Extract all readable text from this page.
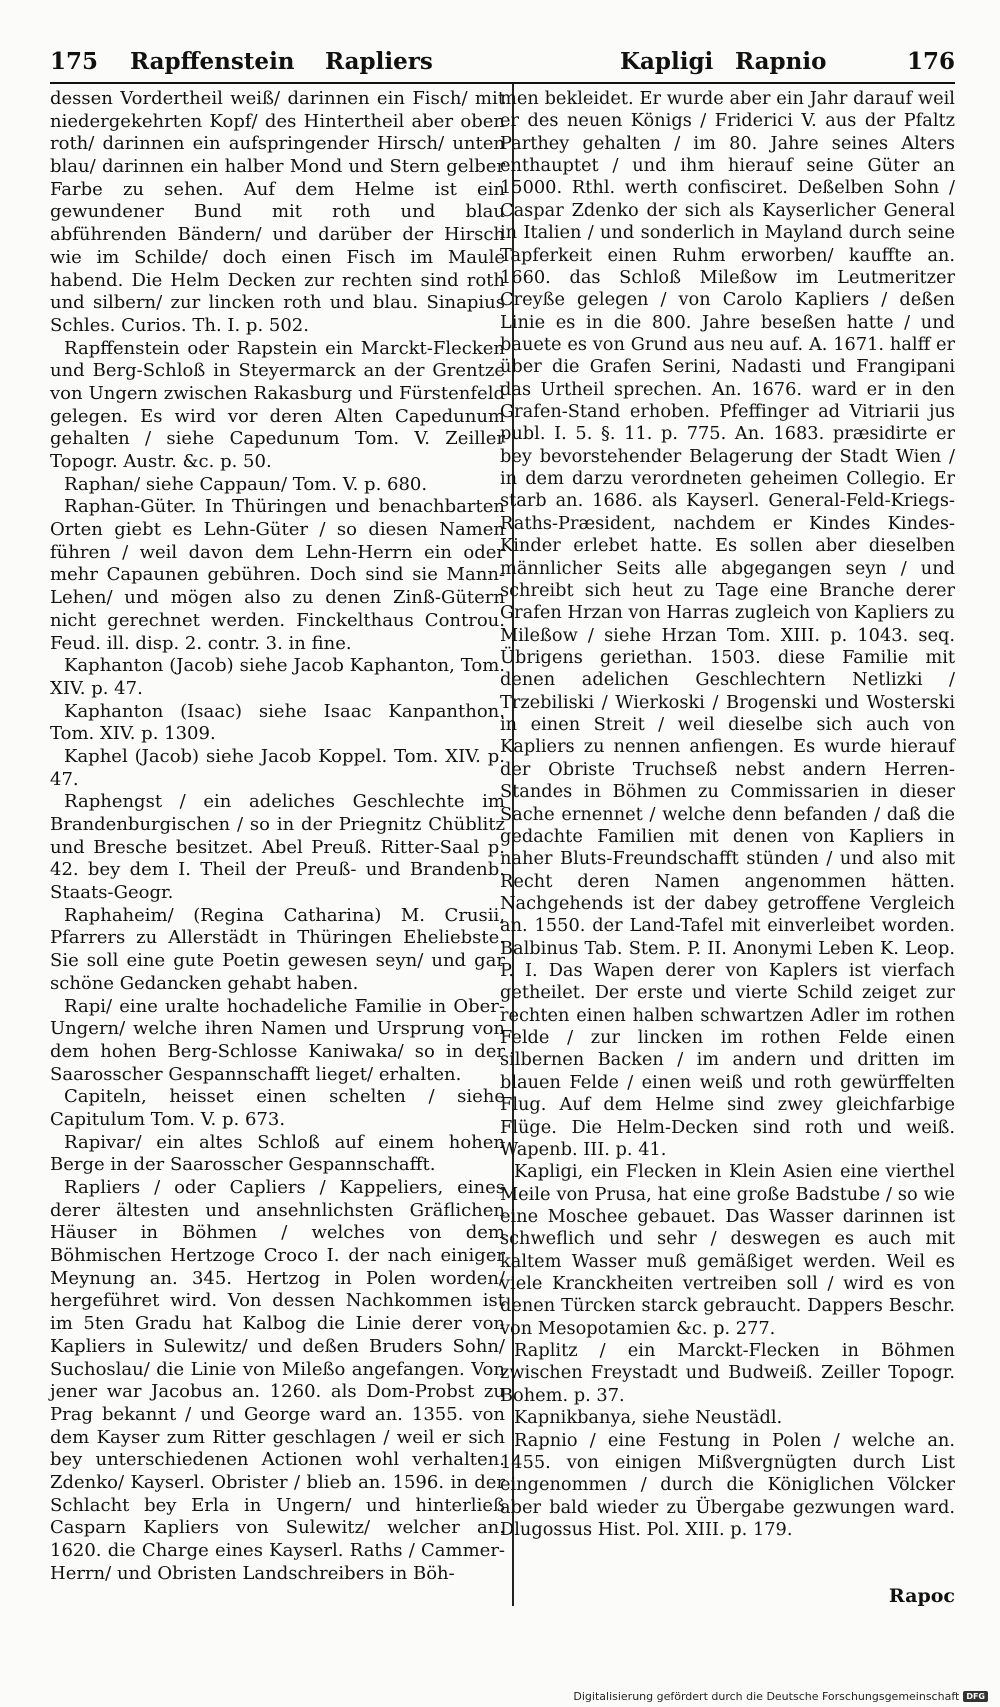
175 Rapffenstein Rapliers	Kapligi Rapnio	176

dessen Vordertheil weiß/ darinnen ein Fisch/ mit niedergekehrten Kopf/ des Hintertheil aber oben roth/ darinnen ein aufspringender Hirsch/ unten blau/ darinnen ein halber Mond und Stern gelber Farbe zu sehen. Auf dem Helme ist ein gewundener Bund mit roth und blau abführenden Bändern/ und darüber der Hirsch wie im Schilde/ doch einen Fisch im Maule habend. Die Helm Decken zur rechten sind roth und silbern/ zur lincken roth und blau. Sinapius Schles. Curios. Th. I. p. 502.

Rapffenstein oder Rapstein ein Marckt-Flecken und Berg-Schloß in Steyermarck an der Grentze von Ungern zwischen Rakasburg und Fürstenfeld gelegen. Es wird vor deren Alten Capedunum gehalten / siehe Capedunum Tom. V. Zeiller Topogr. Austr. &c. p. 50.

Raphan/ siehe Cappaun/ Tom. V. p. 680.

Raphan-Güter. In Thüringen und benachbarten Orten giebt es Lehn-Güter / so diesen Namen führen / weil davon dem Lehn-Herrn ein oder mehr Capaunen gebühren. Doch sind sie Mann-Lehen/ und mögen also zu denen Zinß-Gütern nicht gerechnet werden. Finckelthaus Controu. Feud. ill. disp. 2. contr. 3. in fine.

Kaphanton (Jacob) siehe Jacob Kaphanton, Tom. XIV. p. 47.

Kaphanton (Isaac) siehe Isaac Kanpanthon. Tom. XIV. p. 1309.

Kaphel (Jacob) siehe Jacob Koppel. Tom. XIV. p. 47.

Raphengst / ein adeliches Geschlechte im Brandenburgischen / so in der Priegnitz Chüblitz und Bresche besitzet. Abel Preuß. Ritter-Saal p. 42. bey dem I. Theil der Preuß- und Brandenb. Staats-Geogr.

Raphaheim/ (Regina Catharina) M. Crusii, Pfarrers zu Allerstädt in Thüringen Eheliebste. Sie soll eine gute Poetin gewesen seyn/ und gar schöne Gedancken gehabt haben.

Rapi/ eine uralte hochadeliche Familie in Ober-Ungern/ welche ihren Namen und Ursprung von dem hohen Berg-Schlosse Kaniwaka/ so in der Saarosscher Gespannschafft lieget/ erhalten.

Capiteln, heisset einen schelten / siehe Capitulum Tom. V. p. 673.

Rapivar/ ein altes Schloß auf einem hohen Berge in der Saarosscher Gespannschafft.

Rapliers / oder Capliers / Kappeliers, eines derer ältesten und ansehnlichsten Gräflichen Häuser in Böhmen / welches von dem Böhmischen Hertzoge Croco I. der nach einiger Meynung an. 345. Hertzog in Polen worden/ hergeführet wird. Von dessen Nachkommen ist im 5ten Gradu hat Kalbog die Linie derer von Kapliers in Sulewitz/ und deßen Bruders Sohn/ Suchoslau/ die Linie von Mileßo angefangen. Von jener war Jacobus an. 1260. als Dom-Probst zu Prag bekannt / und George ward an. 1355. von dem Kayser zum Ritter geschlagen / weil er sich bey unterschiedenen Actionen wohl verhalten. Zdenko/ Kayserl. Obrister / blieb an. 1596. in der Schlacht bey Erla in Ungern/ und hinterließ Casparn Kapliers von Sulewitz/ welcher an. 1620. die Charge eines Kayserl. Raths / Cammer-Herrn/ und Obristen Landschreibers in Böh-

men bekleidet. Er wurde aber ein Jahr darauf weil er des neuen Königs / Friderici V. aus der Pfaltz Parthey gehalten / im 80. Jahre seines Alters enthauptet / und ihm hierauf seine Güter an 15000. Rthl. werth confisciret. Deßelben Sohn / Caspar Zdenko der sich als Kayserlicher General in Italien / und sonderlich in Mayland durch seine Tapferkeit einen Ruhm erworben/ kauffte an. 1660. das Schloß Mileßow im Leutmeritzer Creyße gelegen / von Carolo Kapliers / deßen Linie es in die 800. Jahre beseßen hatte / und bauete es von Grund aus neu auf. A. 1671. halff er über die Grafen Serini, Nadasti und Frangipani das Urtheil sprechen. An. 1676. ward er in den Grafen-Stand erhoben. Pfeffinger ad Vitriarii jus publ. I. 5. §. 11. p. 775. An. 1683. præsidirte er bey bevorstehender Belagerung der Stadt Wien / in dem darzu verordneten geheimen Collegio. Er starb an. 1686. als Kayserl. General-Feld-Kriegs-Raths-Præsident, nachdem er Kindes Kindes-Kinder erlebet hatte. Es sollen aber dieselben männlicher Seits alle abgegangen seyn / und schreibt sich heut zu Tage eine Branche derer Grafen Hrzan von Harras zugleich von Kapliers zu Mileßow / siehe Hrzan Tom. XIII. p. 1043. seq. Übrigens geriethan. 1503. diese Familie mit denen adelichen Geschlechtern Netlizki / Trzebiliski / Wierkoski / Brogenski und Wosterski in einen Streit / weil dieselbe sich auch von Kapliers zu nennen anfiengen. Es wurde hierauf der Obriste Truchseß nebst andern Herren-Standes in Böhmen zu Commissarien in dieser Sache ernennet / welche denn befanden / daß die gedachte Familien mit denen von Kapliers in naher Bluts-Freundschafft stünden / und also mit Recht deren Namen angenommen hätten. Nachgehends ist der dabey getroffene Vergleich an. 1550. der Land-Tafel mit einverleibet worden. Balbinus Tab. Stem. P. II. Anonymi Leben K. Leop. P. I. Das Wapen derer von Kaplers ist vierfach getheilet. Der erste und vierte Schild zeiget zur rechten einen halben schwartzen Adler im rothen Felde / zur lincken im rothen Felde einen silbernen Backen / im andern und dritten im blauen Felde / einen weiß und roth gewürffelten Flug. Auf dem Helme sind zwey gleichfarbige Flüge. Die Helm-Decken sind roth und weiß. Wapenb. III. p. 41.

Kapligi, ein Flecken in Klein Asien eine vierthel Meile von Prusa, hat eine große Badstube / so wie eine Moschee gebauet. Das Wasser darinnen ist schweflich und sehr / deswegen es auch mit kaltem Wasser muß gemäßiget werden. Weil es viele Kranckheiten vertreiben soll / wird es von denen Türcken starck gebraucht. Dappers Beschr. von Mesopotamien &c. p. 277.

Raplitz / ein Marckt-Flecken in Böhmen zwischen Freystadt und Budweiß. Zeiller Topogr. Bohem. p. 37.

Kapnikbanya, siehe Neustädl.

Rapnio / eine Festung in Polen / welche an. 1455. von einigen Mißvergnügten durch List eingenommen / durch die Königlichen Völcker aber bald wieder zu Übergabe gezwungen ward. Dlugossus Hist. Pol. XIII. p. 179.

Rapoc
Digitalisierung gefördert durch die Deutsche Forschungsgemeinschaft DFG
